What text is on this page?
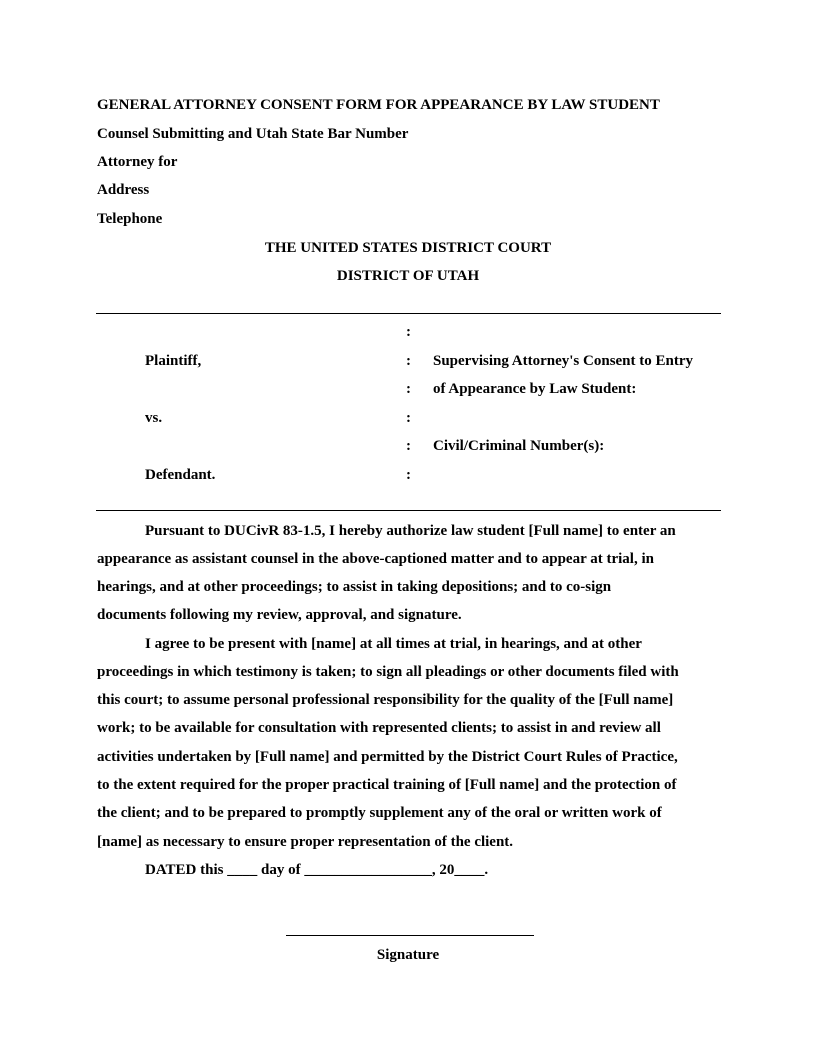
GENERAL ATTORNEY CONSENT FORM FOR APPEARANCE BY LAW STUDENT
Counsel Submitting and Utah State Bar Number
Attorney for
Address
Telephone
THE UNITED STATES DISTRICT COURT
DISTRICT OF UTAH
:
Plaintiff,	: Supervising Attorney's Consent to Entry
: of Appearance by Law Student:
vs.	:
: Civil/Criminal Number(s):
Defendant.	:
Pursuant to DUCivR 83-1.5, I hereby authorize law student [Full name] to enter an
appearance as assistant counsel in the above-captioned matter and to appear at trial, in
hearings, and at other proceedings; to assist in taking depositions; and to co-sign
documents following my review, approval, and signature.
I agree to be present with [name] at all times at trial, in hearings, and at other
proceedings in which testimony is taken; to sign all pleadings or other documents filed with
this court; to assume personal professional responsibility for the quality of the [Full name]
work; to be available for consultation with represented clients; to assist in and review all
activities undertaken by [Full name] and permitted by the District Court Rules of Practice,
to the extent required for the proper practical training of [Full name] and the protection of
the client; and to be prepared to promptly supplement any of the oral or written work of
[name] as necessary to ensure proper representation of the client.
DATED this ____ day of _________________, 20____.
Signature
